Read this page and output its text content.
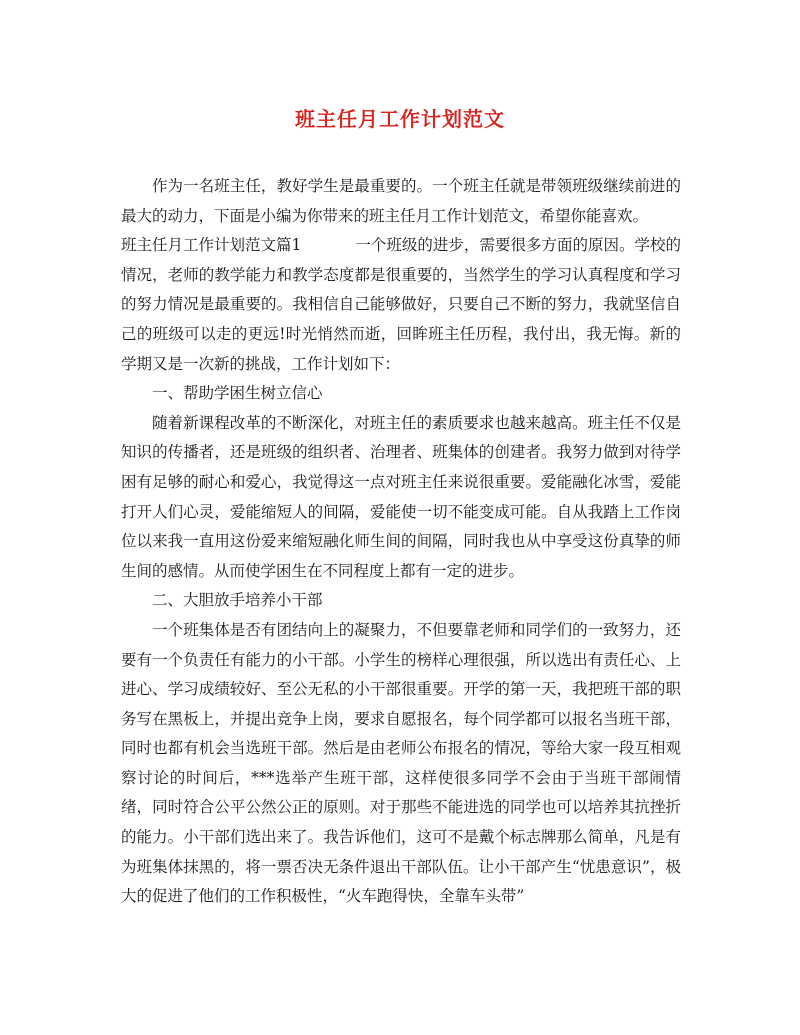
班主任月工作计划范文

作为一名班主任，教好学生是最重要的。一个班主任就是带领班级继续前进的最大的动力，下面是小编为你带来的班主任月工作计划范文，希望你能喜欢。

班主任月工作计划范文篇1	一个班级的进步，需要很多方面的原因。学校的情况，老师的教学能力和教学态度都是很重要的，当然学生的学习认真程度和学习的努力情况是最重要的。我相信自己能够做好，只要自己不断的努力，我就坚信自己的班级可以走的更远!时光悄然而逝，回眸班主任历程，我付出，我无悔。新的学期又是一次新的挑战，工作计划如下：

一、帮助学困生树立信心

随着新课程改革的不断深化，对班主任的素质要求也越来越高。班主任不仅是知识的传播者，还是班级的组织者、治理者、班集体的创建者。我努力做到对待学困有足够的耐心和爱心，我觉得这一点对班主任来说很重要。爱能融化冰雪，爱能打开人们心灵，爱能缩短人的间隔，爱能使一切不能变成可能。自从我踏上工作岗位以来我一直用这份爱来缩短融化师生间的间隔，同时我也从中享受这份真挚的师生间的感情。从而使学困生在不同程度上都有一定的进步。

二、大胆放手培养小干部

一个班集体是否有团结向上的凝聚力，不但要靠老师和同学们的一致努力，还要有一个负责任有能力的小干部。小学生的榜样心理很强，所以选出有责任心、上进心、学习成绩较好、至公无私的小干部很重要。开学的第一天，我把班干部的职务写在黑板上，并提出竞争上岗，要求自愿报名，每个同学都可以报名当班干部，同时也都有机会当选班干部。然后是由老师公布报名的情况，等给大家一段互相观察讨论的时间后，***选举产生班干部，这样使很多同学不会由于当班干部闹情绪，同时符合公平公然公正的原则。对于那些不能进选的同学也可以培养其抗挫折的能力。小干部们选出来了。我告诉他们，这可不是戴个标志牌那么简单，凡是有为班集体抹黑的，将一票否决无条件退出干部队伍。让小干部产生“忧患意识”，极大的促进了他们的工作积极性，“火车跑得快，全靠车头带”
